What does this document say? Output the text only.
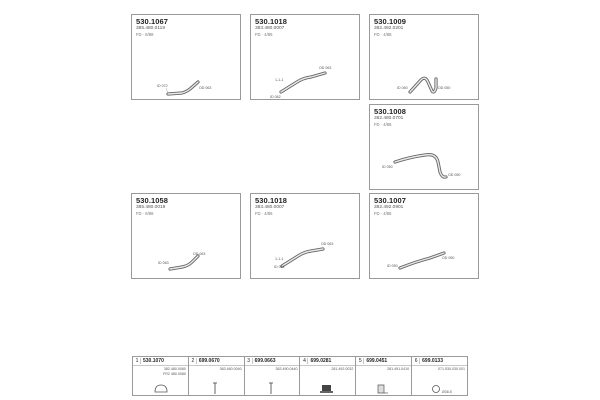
530.1067
385.480.0119
FD · 6/88
ID 072	OD 063
530.1018
383.480.0007
FD · 4/85
1-1-1
ID 062
OD 063
530.1009
382.492.0201
FD · 4/88
ID 050	OD 050
530.1008
382.480.0701
FD · 4/86
ID 050
OD 050
530.1058
385.480.0019
FD · 6/88
ID 063
OD 063
530.1018
383.480.0007
FD · 4/85
1-1-1
ID 062
OD 063
530.1007
382.492.0901
FD · 4/86
ID 050
OD 050
1 530.1070
382.480.0080
FR2 480.0080
2 699.0670
383.460.0040
3 699.0663
383.490.0440
4 699.0281
281.492.0032
5 699.0451
281.491.0410
6 699.0133
071.530.030.001
Ø38.5
